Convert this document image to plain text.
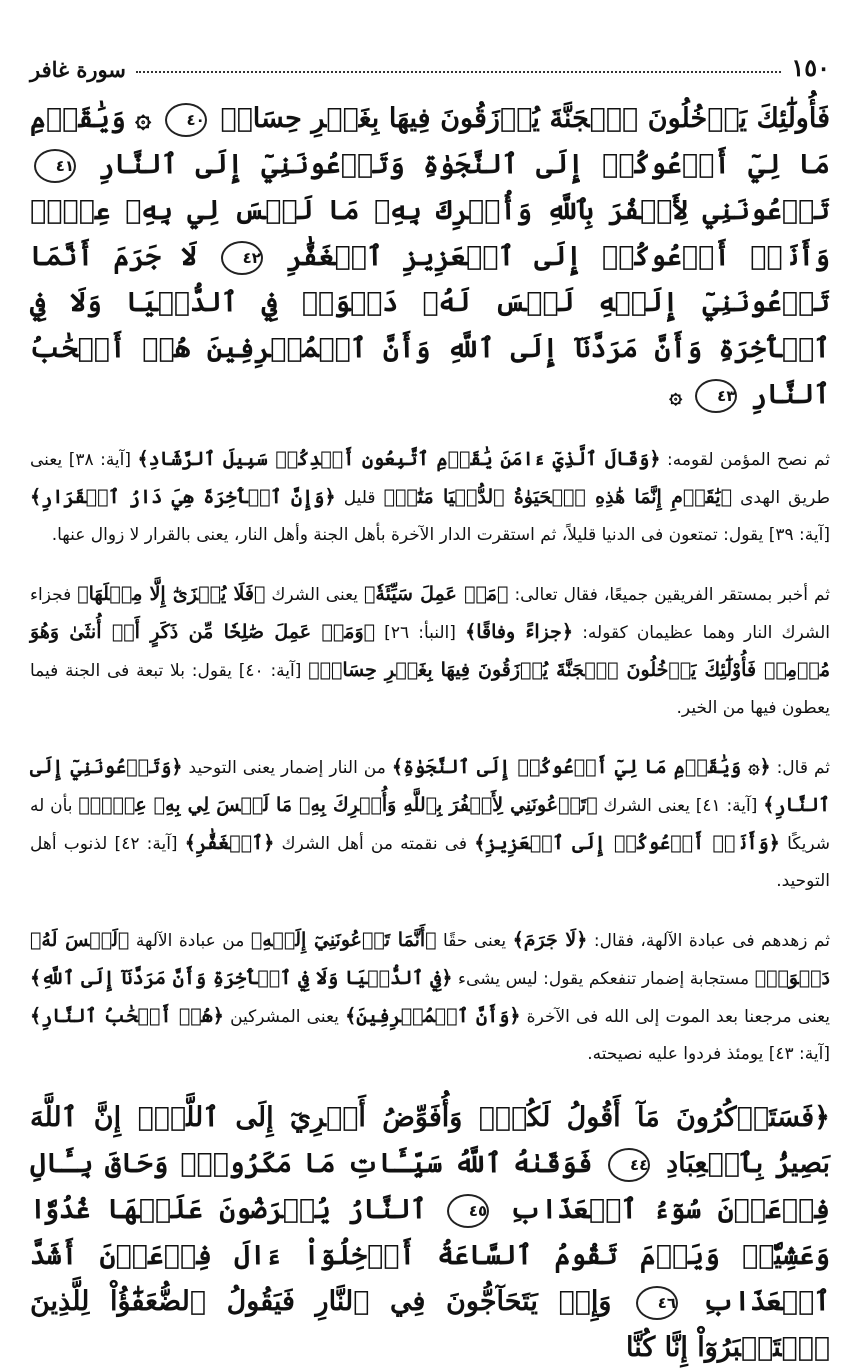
١٥٠
سورة غافر

فَأُولَٰٓئِكَ يَدۡخُلُونَ ٱلۡجَنَّةَ يُرۡزَقُونَ فِيهَا بِغَيۡرِ حِسَابٖ ٤٠ ۞ وَيَٰقَوۡمِ مَا لِيٓ أَدۡعُوكُمۡ إِلَى ٱلنَّجَوٰةِ وَتَدۡعُونَنِيٓ إِلَى ٱلنَّارِ ٤١ تَدۡعُونَنِي لِأَكۡفُرَ بِٱللَّهِ وَأُشۡرِكَ بِهِۦ مَا لَيۡسَ لِي بِهِۦ عِلۡمٞ وَأَنَا۠ أَدۡعُوكُمۡ إِلَى ٱلۡعَزِيزِ ٱلۡغَفَّٰرِ ٤٢ لَا جَرَمَ أَنَّمَا تَدۡعُونَنِيٓ إِلَيۡهِ لَيۡسَ لَهُۥ دَعۡوَةٞ فِي ٱلدُّنۡيَا وَلَا فِي ٱلۡأٓخِرَةِ وَأَنَّ مَرَدَّنَآ إِلَى ٱللَّهِ وَأَنَّ ٱلۡمُسۡرِفِينَ هُمۡ أَصۡحَٰبُ ٱلنَّارِ ٤٣ ۞

ثم نصح المؤمن لقومه: ﴿وَقَالَ ٱلَّذِيٓ ءَامَنَ يَٰقَوۡمِ ٱتَّبِعُونِ أَهۡدِكُمۡ سَبِيلَ ٱلرَّشَادِ﴾ [آية: ٣٨] يعنى طريق الهدى ﴿يَٰقَوۡمِ إِنَّمَا هَٰذِهِ ٱلۡحَيَوٰةُ ٱلدُّنۡيَا مَتَٰعٞ﴾ قليل ﴿وَإِنَّ ٱلۡأٓخِرَةَ هِيَ دَارُ ٱلۡقَرَارِ﴾ [آية: ٣٩] يقول: تمتعون فى الدنيا قليلاً، ثم استقرت الدار الآخرة بأهل الجنة وأهل النار، يعنى بالقرار لا زوال عنها.

ثم أخبر بمستقر الفريقين جميعًا، فقال تعالى: ﴿مَنۡ عَمِلَ سَيِّئَةٗ﴾ يعنى الشرك ﴿فَلَا يُجۡزَىٰٓ إِلَّا مِثۡلَهَا﴾ فجزاء الشرك النار وهما عظيمان كقوله: ﴿جزاءً وفاقًا﴾ [النبأ: ٢٦] ﴿وَمَنۡ عَمِلَ صَٰلِحٗا مِّن ذَكَرٍ أَوۡ أُنثَىٰ وَهُوَ مُؤۡمِنٞ فَأُوْلَٰٓئِكَ يَدۡخُلُونَ ٱلۡجَنَّةَ يُرۡزَقُونَ فِيهَا بِغَيۡرِ حِسَابٖ﴾ [آية: ٤٠] يقول: بلا تبعة فى الجنة فيما يعطون فيها من الخير.

ثم قال: ﴿۞ وَيَٰقَوۡمِ مَا لِيٓ أَدۡعُوكُمۡ إِلَى ٱلنَّجَوٰةِ﴾ من النار إضمار يعنى التوحيد ﴿وَتَدۡعُونَنِيٓ إِلَى ٱلنَّارِ﴾ [آية: ٤١] يعنى الشرك ﴿تَدۡعُونَنِي لِأَكۡفُرَ بِٱللَّهِ وَأُشۡرِكَ بِهِۦ مَا لَيۡسَ لِي بِهِۦ عِلۡمٞ﴾ بأن له شريكًا ﴿وَأَنَا۠ أَدۡعُوكُمۡ إِلَى ٱلۡعَزِيزِ﴾ فى نقمته من أهل الشرك ﴿ٱلۡغَفَّٰرِ﴾ [آية: ٤٢] لذنوب أهل التوحيد.

ثم زهدهم فى عبادة الآلهة، فقال: ﴿لَا جَرَمَ﴾ يعنى حقًا ﴿أَنَّمَا تَدۡعُونَنِيٓ إِلَيۡهِ﴾ من عبادة الآلهة ﴿لَيۡسَ لَهُۥ دَعۡوَةٞ﴾ مستجابة إضمار تنفعكم يقول: ليس يشىء ﴿فِي ٱلدُّنۡيَا وَلَا فِي ٱلۡأٓخِرَةِ وَأَنَّ مَرَدَّنَآ إِلَى ٱللَّهِ﴾ يعنى مرجعنا بعد الموت إلى الله فى الآخرة ﴿وَأَنَّ ٱلۡمُسۡرِفِينَ﴾ يعنى المشركين ﴿هُمۡ أَصۡحَٰبُ ٱلنَّارِ﴾ [آية: ٤٣] يومئذ فردوا عليه نصيحته.

﴿فَسَتَذۡكُرُونَ مَآ أَقُولُ لَكُمۡۚ وَأُفَوِّضُ أَمۡرِيٓ إِلَى ٱللَّهِۚ إِنَّ ٱللَّهَ بَصِيرُۢ بِٱلۡعِبَادِ ٤٤ فَوَقَىٰهُ ٱللَّهُ سَيِّـَٔاتِ مَا مَكَرُواْۖ وَحَاقَ بِـَٔالِ فِرۡعَوۡنَ سُوٓءُ ٱلۡعَذَابِ ٤٥ ٱلنَّارُ يُعۡرَضُونَ عَلَيۡهَا غُدُوّٗا وَعَشِيّٗاۚ وَيَوۡمَ تَقُومُ ٱلسَّاعَةُ أَدۡخِلُوٓاْ ءَالَ فِرۡعَوۡنَ أَشَدَّ ٱلۡعَذَابِ ٤٦ وَإِذۡ يَتَحَآجُّونَ فِي ٱلنَّارِ فَيَقُولُ ٱلضُّعَفَٰٓؤُاْ لِلَّذِينَ ٱسۡتَكۡبَرُوٓاْ إِنَّا كُنَّا
